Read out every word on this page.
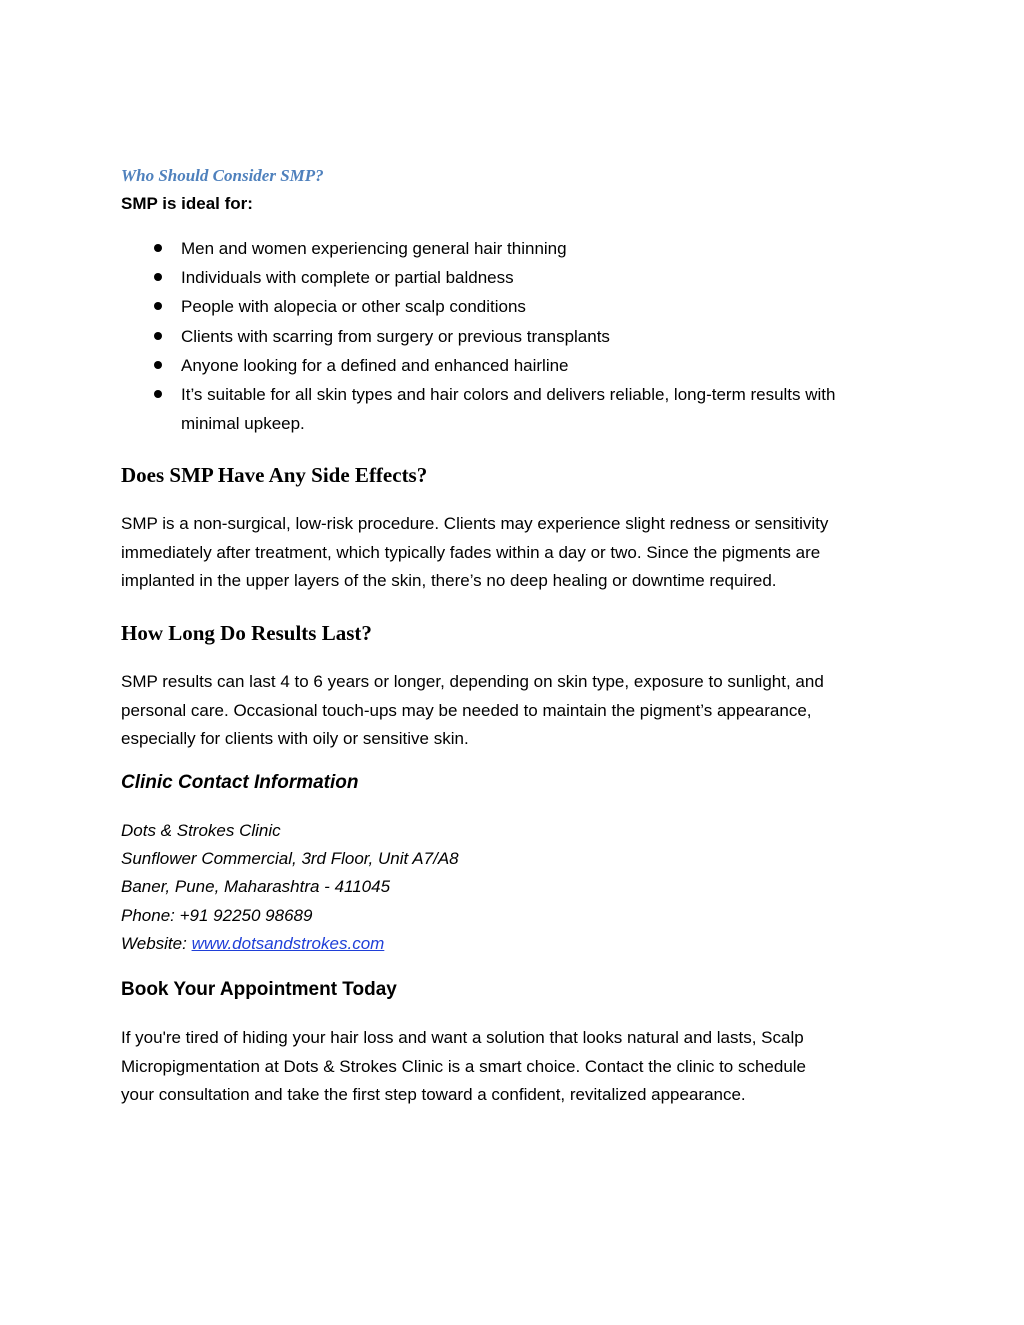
Who Should Consider SMP?
SMP is ideal for:
Men and women experiencing general hair thinning
Individuals with complete or partial baldness
People with alopecia or other scalp conditions
Clients with scarring from surgery or previous transplants
Anyone looking for a defined and enhanced hairline
It’s suitable for all skin types and hair colors and delivers reliable, long-term results with
minimal upkeep.
Does SMP Have Any Side Effects?
SMP is a non-surgical, low-risk procedure. Clients may experience slight redness or sensitivity
immediately after treatment, which typically fades within a day or two. Since the pigments are
implanted in the upper layers of the skin, there’s no deep healing or downtime required.
How Long Do Results Last?
SMP results can last 4 to 6 years or longer, depending on skin type, exposure to sunlight, and
personal care. Occasional touch-ups may be needed to maintain the pigment’s appearance,
especially for clients with oily or sensitive skin.
Clinic Contact Information
Dots & Strokes Clinic
Sunflower Commercial, 3rd Floor, Unit A7/A8
Baner, Pune, Maharashtra - 411045
Phone: +91 92250 98689
Website: www.dotsandstrokes.com
Book Your Appointment Today
If you're tired of hiding your hair loss and want a solution that looks natural and lasts, Scalp
Micropigmentation at Dots & Strokes Clinic is a smart choice. Contact the clinic to schedule
your consultation and take the first step toward a confident, revitalized appearance.
